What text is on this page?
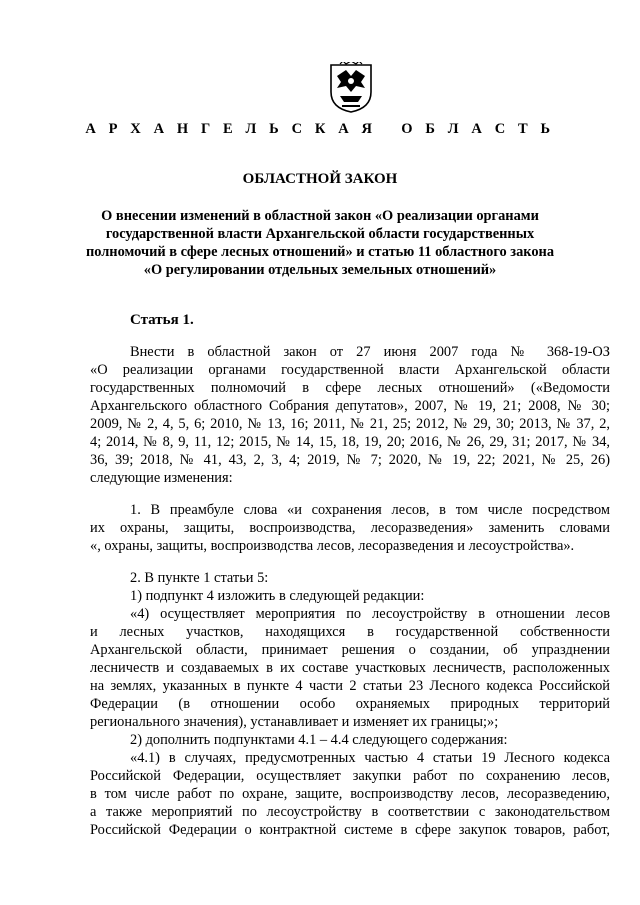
А Р Х А Н Г Е Л Ь С К А Я   О Б Л А С Т Ь
ОБЛАСТНОЙ ЗАКОН
О внесении изменений в областной закон «О реализации органами
государственной власти Архангельской области государственных
полномочий в сфере лесных отношений» и статью 11 областного закона
«О регулировании отдельных земельных отношений»
Статья 1.
Внести в областной закон от 27 июня 2007 года № 368-19-ОЗ
«О реализации органами государственной власти Архангельской области
государственных полномочий в сфере лесных отношений» («Ведомости
Архангельского областного Собрания депутатов», 2007, № 19, 21; 2008, № 30;
2009, № 2, 4, 5, 6; 2010, № 13, 16; 2011, № 21, 25; 2012, № 29, 30; 2013, № 37, 2,
4; 2014, № 8, 9, 11, 12; 2015, № 14, 15, 18, 19, 20; 2016, № 26, 29, 31; 2017, № 34,
36, 39; 2018, № 41, 43, 2, 3, 4; 2019, № 7; 2020, № 19, 22; 2021, № 25, 26)
следующие изменения:
1. В преамбуле слова «и сохранения лесов, в том числе посредством
их охраны, защиты, воспроизводства, лесоразведения» заменить словами
«, охраны, защиты, воспроизводства лесов, лесоразведения и лесоустройства».
2. В пункте 1 статьи 5:
1) подпункт 4 изложить в следующей редакции:
«4) осуществляет мероприятия по лесоустройству в отношении лесов
и лесных участков, находящихся в государственной собственности
Архангельской области, принимает решения о создании, об упразднении
лесничеств и создаваемых в их составе участковых лесничеств, расположенных
на землях, указанных в пункте 4 части 2 статьи 23 Лесного кодекса Российской
Федерации (в отношении особо охраняемых природных территорий
регионального значения), устанавливает и изменяет их границы;»;
2) дополнить подпунктами 4.1 – 4.4 следующего содержания:
«4.1) в случаях, предусмотренных частью 4 статьи 19 Лесного кодекса
Российской Федерации, осуществляет закупки работ по сохранению лесов,
в том числе работ по охране, защите, воспроизводству лесов, лесоразведению,
а также мероприятий по лесоустройству в соответствии с законодательством
Российской Федерации о контрактной системе в сфере закупок товаров, работ,
